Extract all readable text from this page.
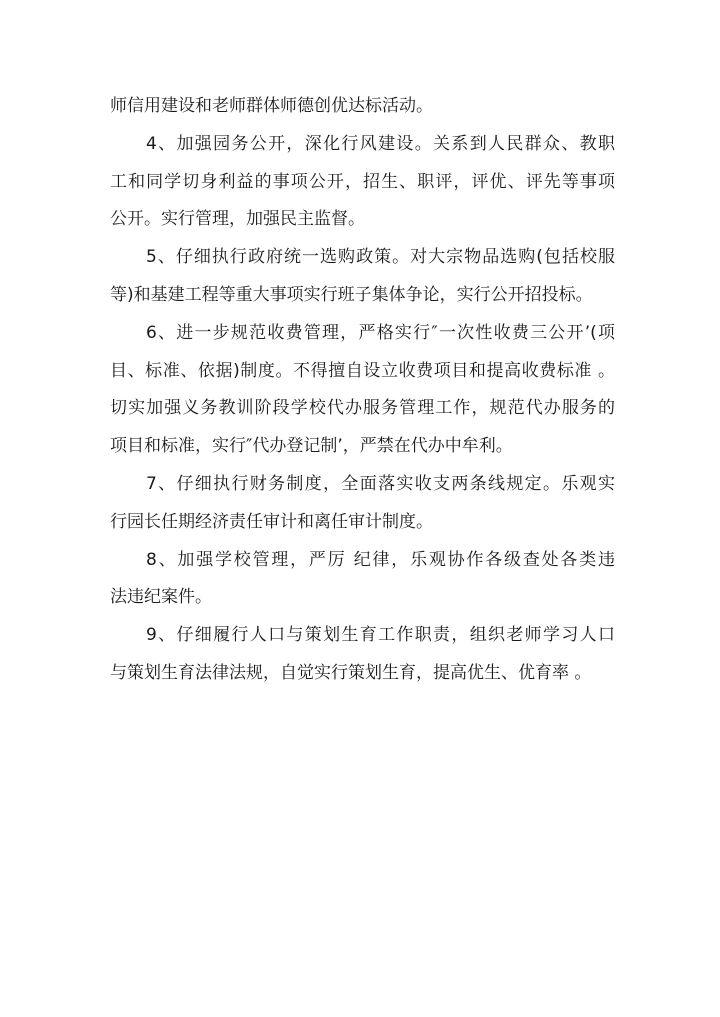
师信用建设和老师群体师德创优达标活动。
4、加强园务公开，深化行风建设。关系到人民群众、教职
工和同学切身利益的事项公开，招生、职评，评优、评先等事项
公开。实行管理，加强民主监督。
5、仔细执行政府统一选购政策。对大宗物品选购(包括校服
等)和基建工程等重大事项实行班子集体争论，实行公开招投标。
6、进一步规范收费管理，严格实行″一次性收费三公开’(项
目、标准、依据)制度。不得擅自设立收费项目和提高收费标准 。
切实加强义务教训阶段学校代办服务管理工作，规范代办服务的
项目和标准，实行″代办登记制’，严禁在代办中牟利。
7、仔细执行财务制度，全面落实收支两条线规定。乐观实
行园长任期经济责任审计和离任审计制度。
8、加强学校管理，严厉 纪律，乐观协作各级查处各类违
法违纪案件。
9、仔细履行人口与策划生育工作职责，组织老师学习人口
与策划生育法律法规，自觉实行策划生育，提高优生、优育率 。
